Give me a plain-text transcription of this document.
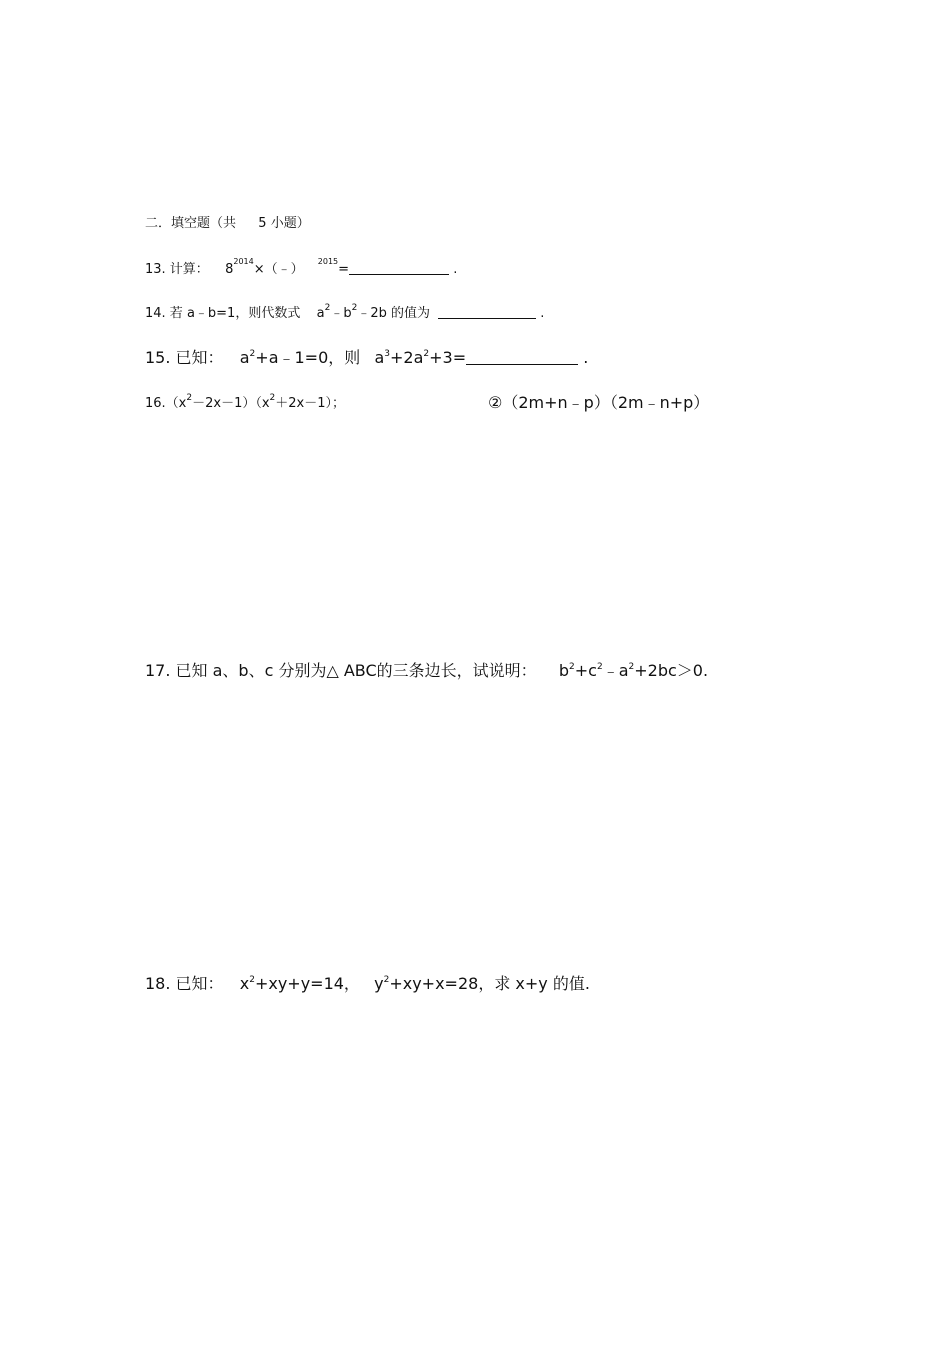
二．填空题（共 5 小题）
13. 计算： $8^{2014}\times(﹣)$ $^{2015}$=	.
14. 若 a﹣b=1，则代数式 $a^2﹣b^2﹣2b$ 的值为	.
15. 已知： $a^2+a﹣1=0$，则 $a^3+2a^2+3=$	.
$16.(x^2-2x-1)(x^2+2x-1)$；	②（2m+n﹣p）（2m﹣n+p）
17. 已知 a、b、c 分别为△ ABC的三条边长，试说明： $b^2+c^2﹣a^2+2bc>0$.
18. 已知： $x^2+xy+y=14$， $y^2+xy+x=28$，求 x+y 的值.
